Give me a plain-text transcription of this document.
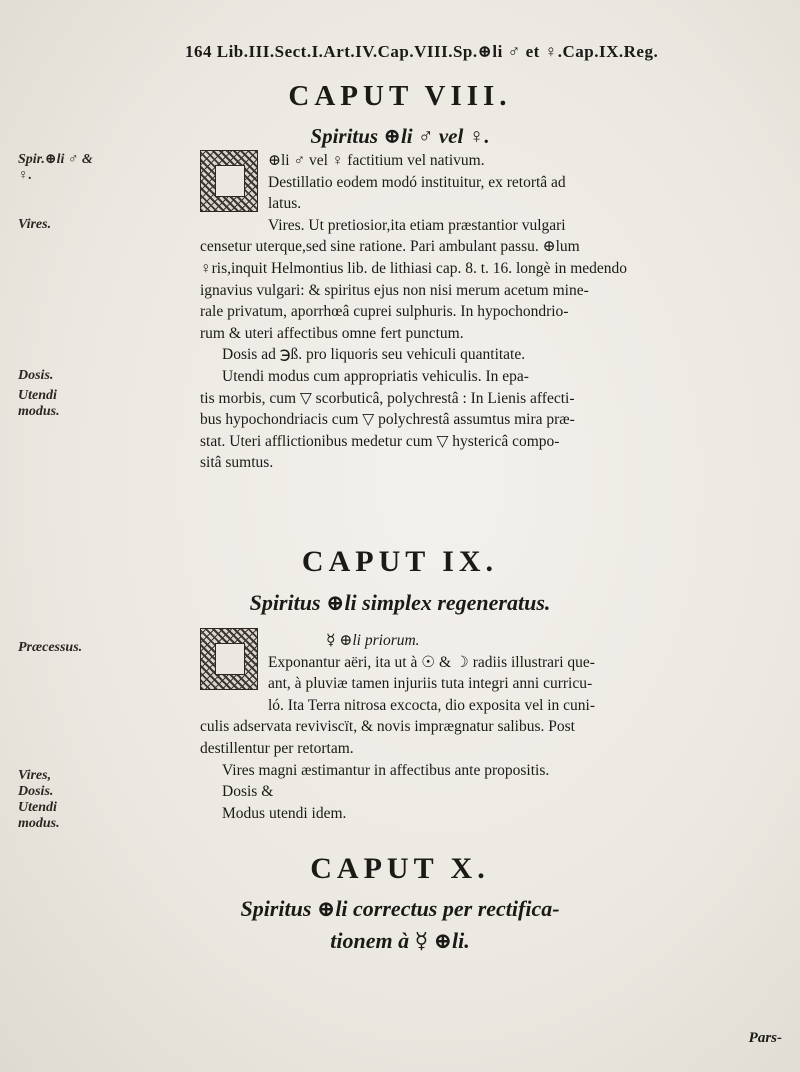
164 Lib.III.Sect.I.Art.IV.Cap.VIII.Sp.⊕li ♂ et ♀.Cap.IX.Reg.
CAPUT VIII.
Spiritus ⊕li ♂ vel ♀.
Spir.⊕li ♂ & ♀.
Vires.
Dosis.
Utendi modus.
⊕li ♂ vel ♀ factitium vel nativum.
Destillatio eodem modó instituitur, ex retortâ ad
latus.
Vires. Ut pretiosior,ita etiam præstantior vulgari
censetur uterque,sed sine ratione. Pari ambulant passu. ⊕lum
♀ris,inquit Helmontius lib. de lithiasi cap. 8. t. 16. longè in medendo
ignavius vulgari: & spiritus ejus non nisi merum acetum mine-
rale privatum, aporrhœâ cuprei sulphuris. In hypochondrio-
rum & uteri affectibus omne fert punctum.
Dosis ad ℈ß. pro liquoris seu vehiculi quantitate.
Utendi modus cum appropriatis vehiculis. In epa-
tis morbis, cum ▽ scorbuticâ, polychrestâ : In Lienis affecti-
bus hypochondriacis cum ▽ polychrestâ assumtus mira præ-
stat. Uteri afflictionibus medetur cum ▽ hystericâ compo-
sitâ sumtus.
CAPUT IX.
Spiritus ⊕li simplex regeneratus.
Præcessus.
Vires, Dosis. Utendi modus.
☿ ⊕li priorum.
Exponantur aëri, ita ut à ☉ & ☽ radiis illustrari que-
ant, à pluviæ tamen injuriis tuta integri anni curricu-
ló. Ita Terra nitrosa excocta, dio exposita vel in cuni-
culis adservata reviviscït, & novis imprægnatur salibus. Post
destillentur per retortam.
Vires magni æstimantur in affectibus ante propositis.
Dosis &
Modus utendi idem.
CAPUT X.
Spiritus ⊕li correctus per rectifica-
tionem à ☿ ⊕li.
Pars-
